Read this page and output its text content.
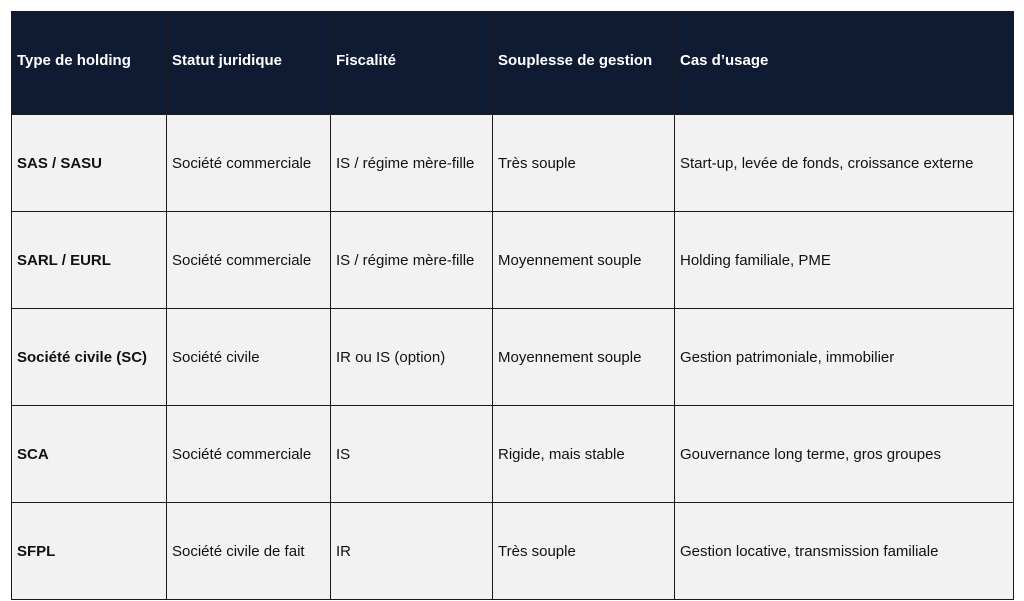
Type de holding	Statut juridique	Fiscalité	Souplesse de gestion	Cas d’usage
SAS / SASU	Société commerciale	IS / régime mère-fille	Très souple	Start-up, levée de fonds, croissance externe
SARL / EURL	Société commerciale	IS / régime mère-fille	Moyennement souple	Holding familiale, PME
Société civile (SC)	Société civile	IR ou IS (option)	Moyennement souple	Gestion patrimoniale, immobilier
SCA	Société commerciale	IS	Rigide, mais stable	Gouvernance long terme, gros groupes
SFPL	Société civile de fait	IR	Très souple	Gestion locative, transmission familiale
